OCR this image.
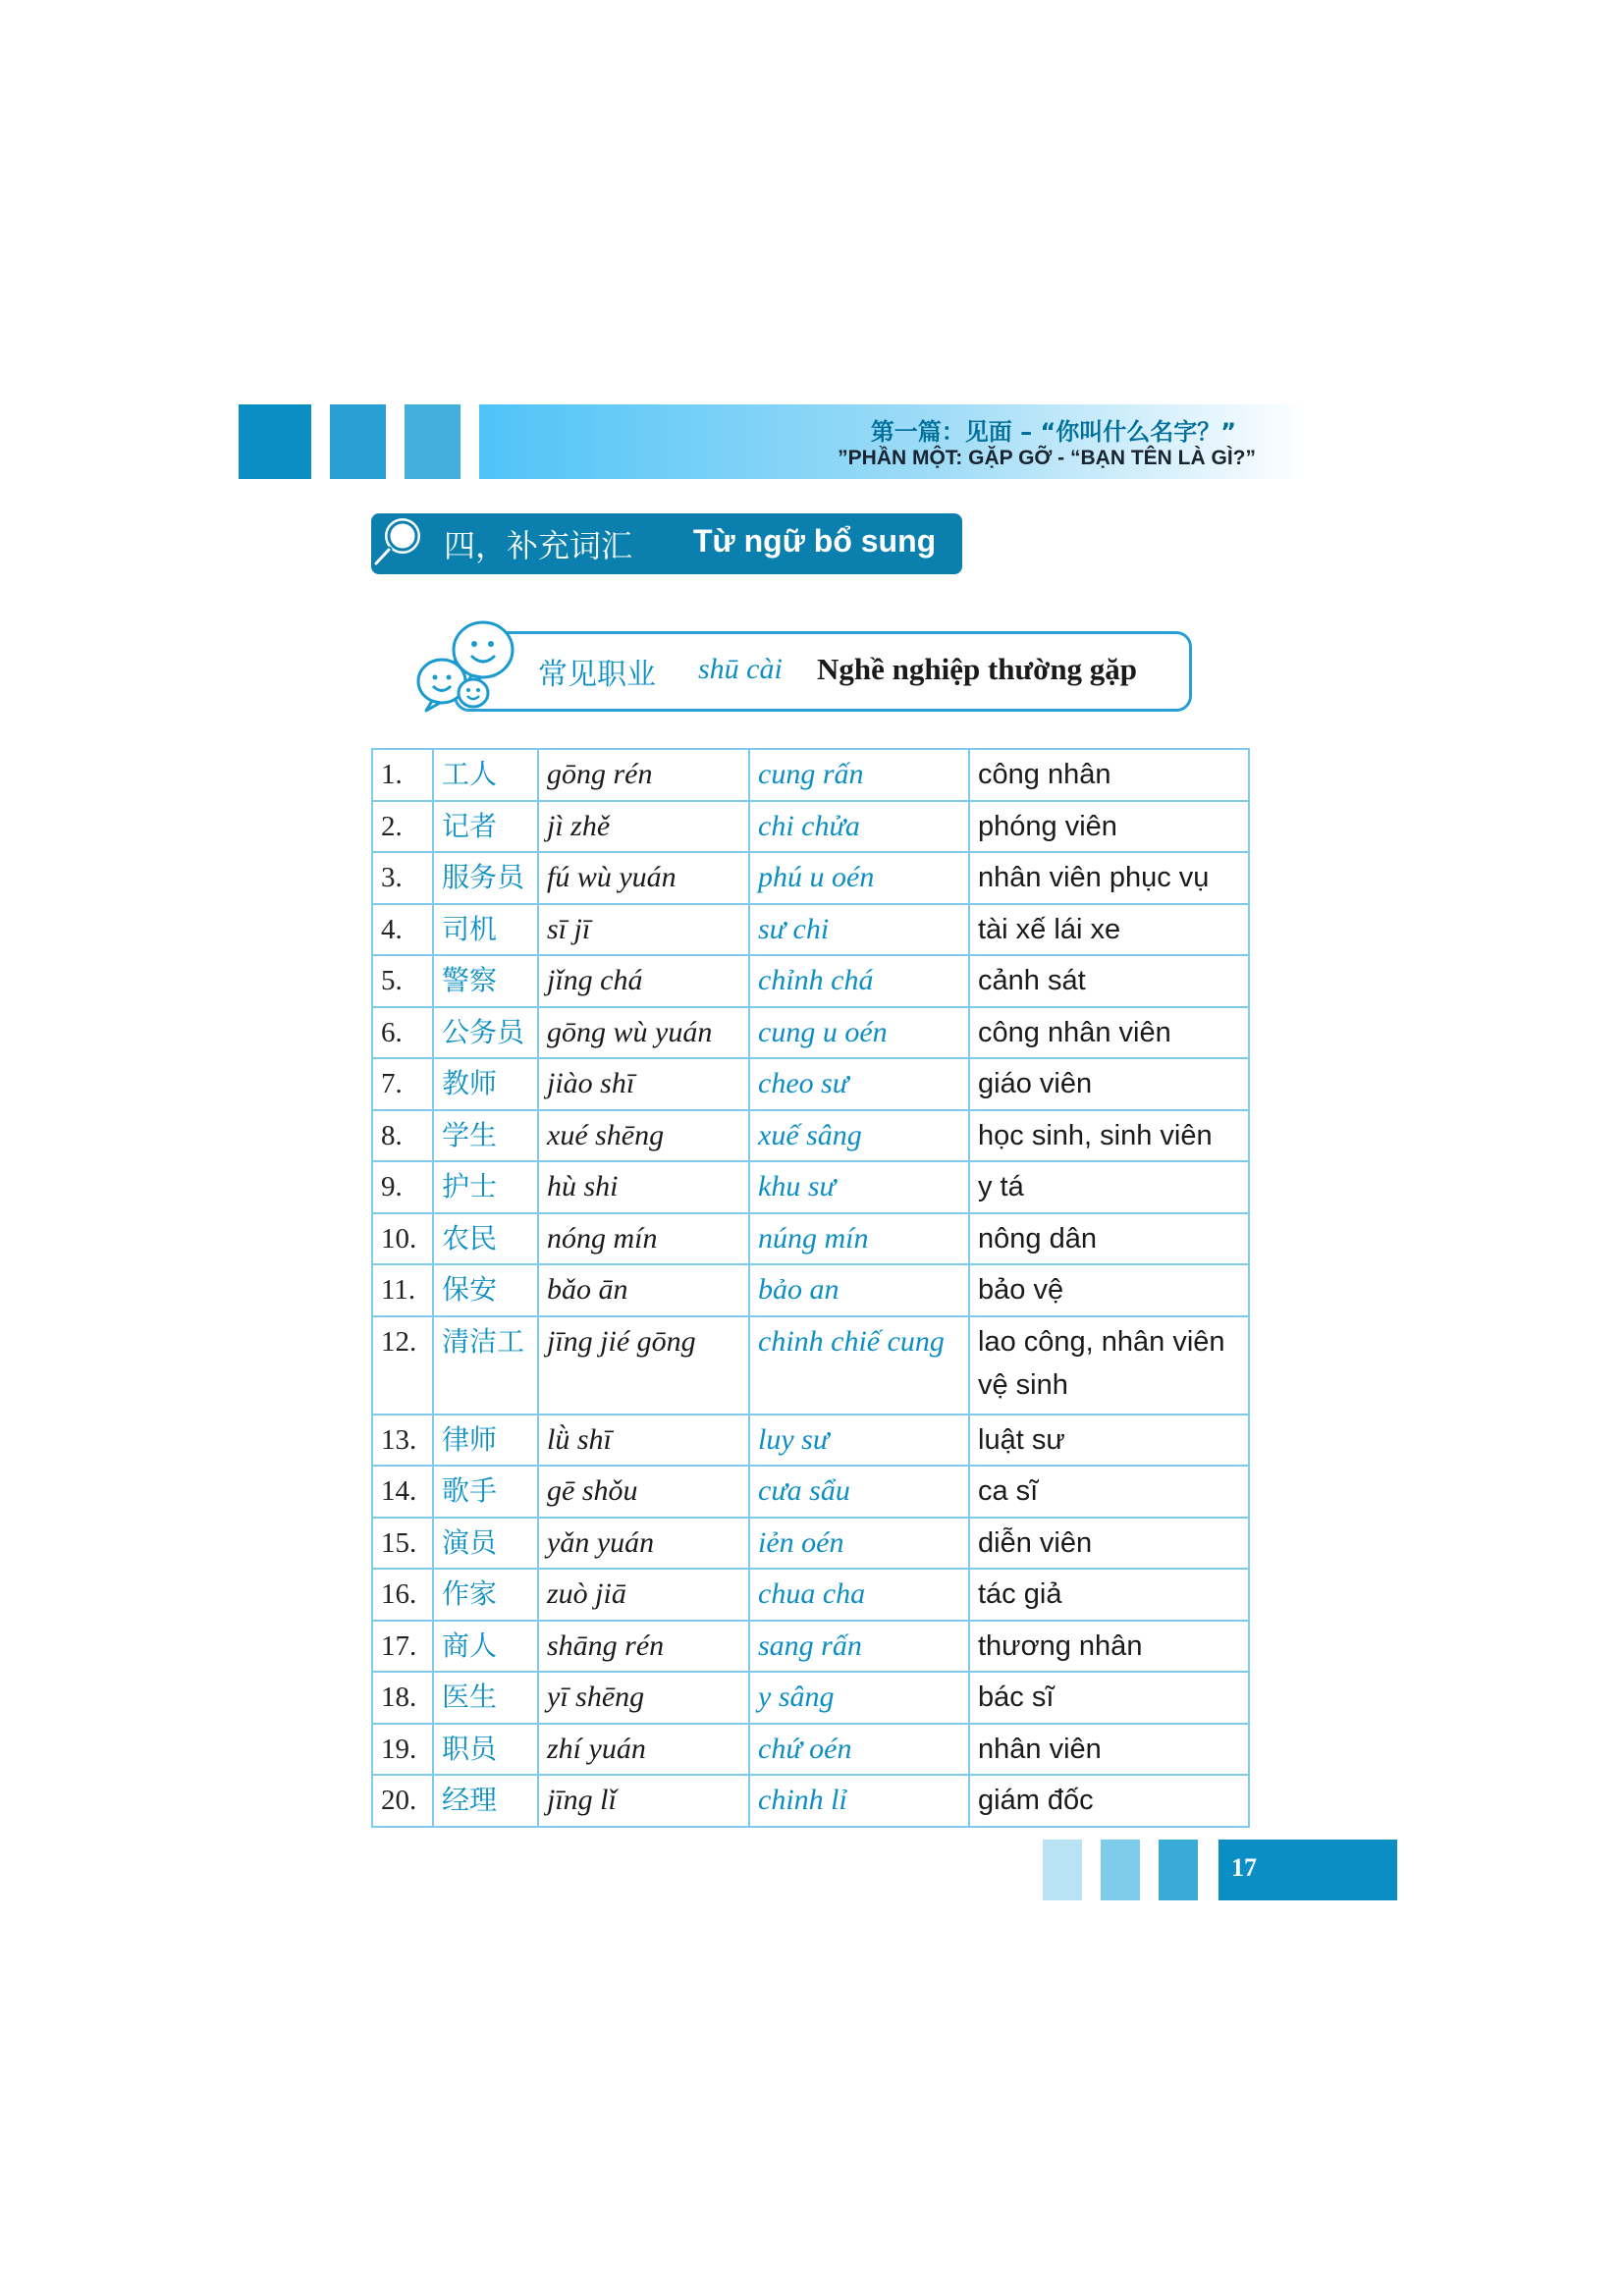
第一篇：见面 – “你叫什么名字？”
”PHẦN MỘT: GẶP GỠ - “BẠN TÊN LÀ GÌ?”
四，补充词汇 Từ ngữ bổ sung
常见职业 shū cài Nghề nghiệp thường gặp
1.	工人	gōng rén	cung rấn	công nhân

2.	记者	jì zhě	chi chửa	phóng viên

3.	服务员	fú wù yuán	phú u oén	nhân viên phục vụ

4.	司机	sī jī	sư chi	tài xế lái xe

5.	警察	jǐng chá	chỉnh chá	cảnh sát

6.	公务员	gōng wù yuán	cung u oén	công nhân viên

7.	教师	jiào shī	cheo sư	giáo viên

8.	学生	xué shēng	xuế sâng	học sinh, sinh viên

9.	护士	hù shi	khu sư	y tá

10.	农民	nóng mín	núng mín	nông dân

11.	保安	bǎo ān	bảo an	bảo vệ

12.	清洁工	jīng jié gōng	chinh chiế cung	lao công, nhân viên
vệ sinh

13.	律师	lǜ shī	luy sư	luật sư

14.	歌手	gē shǒu	cưa sẩu	ca sĩ

15.	演员	yǎn yuán	iẻn oén	diễn viên

16.	作家	zuò jiā	chua cha	tác giả

17.	商人	shāng rén	sang rấn	thương nhân

18.	医生	yī shēng	y sâng	bác sĩ

19.	职员	zhí yuán	chứ oén	nhân viên

20.	经理	jīng lǐ	chinh lỉ	giám đốc
17
